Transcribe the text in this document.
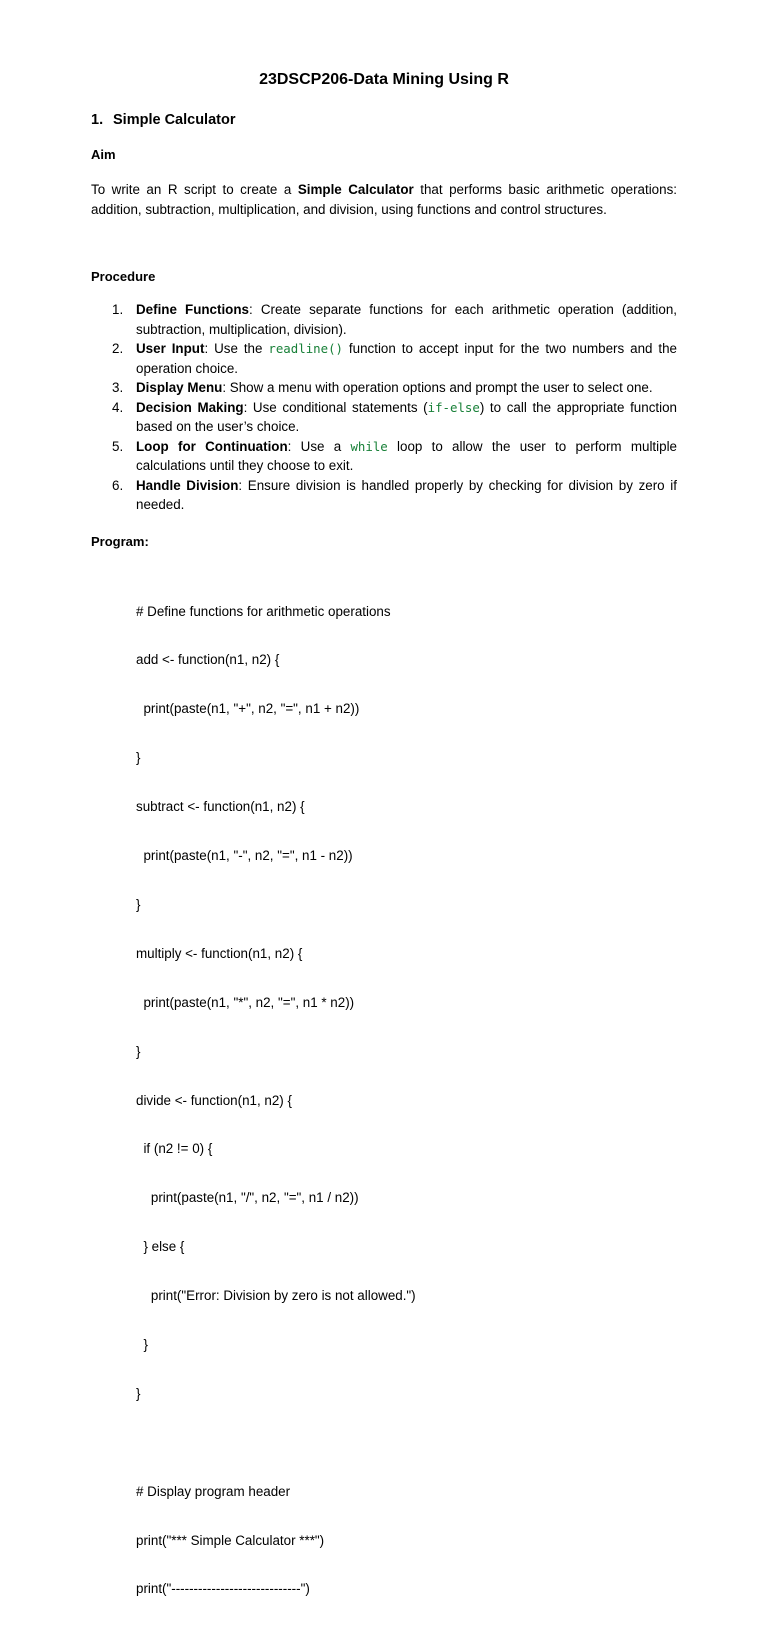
23DSCP206-Data Mining Using R
1. Simple Calculator
Aim
To write an R script to create a Simple Calculator that performs basic arithmetic operations: addition, subtraction, multiplication, and division, using functions and control structures.
Procedure
1. Define Functions: Create separate functions for each arithmetic operation (addition, subtraction, multiplication, division).
2. User Input: Use the readline() function to accept input for the two numbers and the operation choice.
3. Display Menu: Show a menu with operation options and prompt the user to select one.
4. Decision Making: Use conditional statements (if-else) to call the appropriate function based on the user’s choice.
5. Loop for Continuation: Use a while loop to allow the user to perform multiple calculations until they choose to exit.
6. Handle Division: Ensure division is handled properly by checking for division by zero if needed.
Program:

# Define functions for arithmetic operations

add <- function(n1, n2) {

print(paste(n1, "+", n2, "=", n1 + n2))

}

subtract <- function(n1, n2) {

print(paste(n1, "-", n2, "=", n1 - n2))

}

multiply <- function(n1, n2) {

print(paste(n1, "*", n2, "=", n1 * n2))

}

divide <- function(n1, n2) {

if (n2 != 0) {

print(paste(n1, "/", n2, "=", n1 / n2))

} else {

print("Error: Division by zero is not allowed.")

}

}

# Display program header

print("*** Simple Calculator ***")

print("-----------------------------")
